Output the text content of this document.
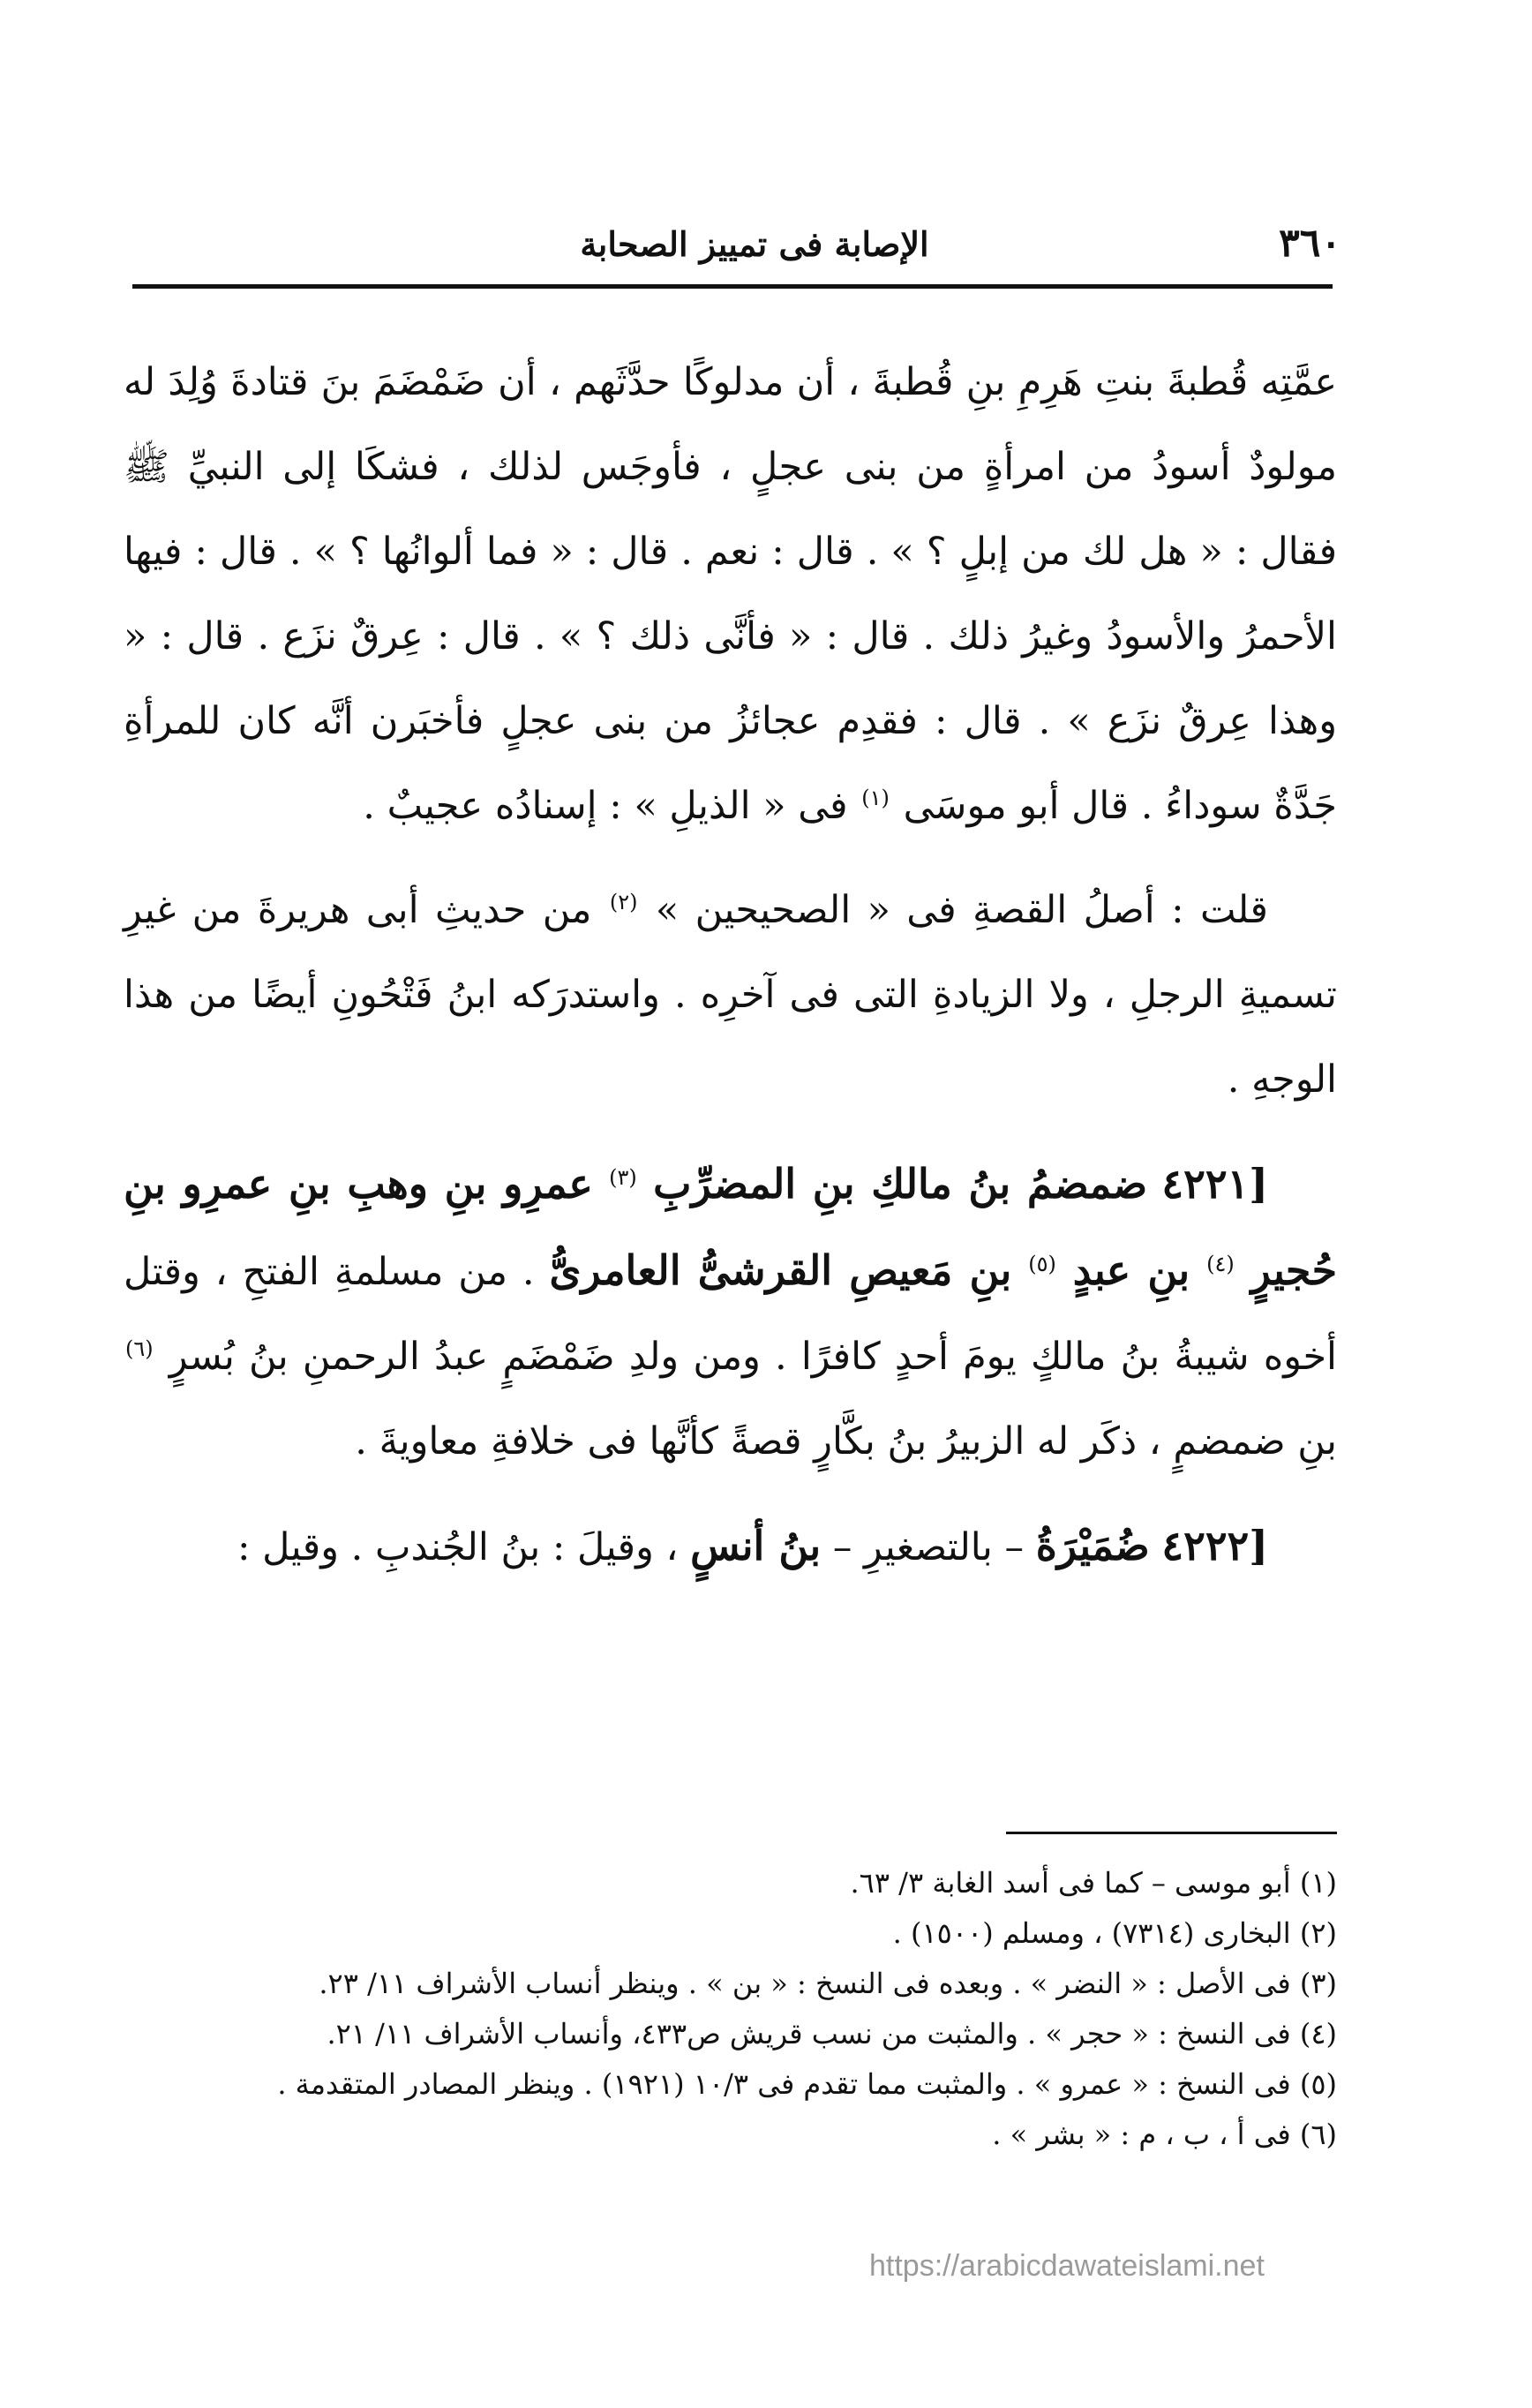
٣٦٠
الإصابة فى تمييز الصحابة

عمَّتِه قُطبةَ بنتِ هَرِمِ بنِ قُطبةَ ، أن مدلوكًا حدَّثَهم ، أن ضَمْضَمَ بنَ قتادةَ وُلِدَ له مولودٌ أسودُ من امرأةٍ من بنى عجلٍ ، فأوجَس لذلك ، فشكَا إلى النبيِّ ﷺ فقال : « هل لك من إبلٍ ؟ » . قال : نعم . قال : « فما ألوانُها ؟ » . قال : فيها الأحمرُ والأسودُ وغيرُ ذلك . قال : « فأنَّى ذلك ؟ » . قال : عِرقٌ نزَع . قال : « وهذا عِرقٌ نزَع » . قال : فقدِم عجائزُ من بنى عجلٍ فأخبَرن أنَّه كان للمرأةِ جَدَّةٌ سوداءُ . قال أبو موسَى $^{(١)}$ فى « الذيلِ » : إسنادُه عجيبٌ .

قلت : أصلُ القصةِ فى « الصحيحين » $^{(٢)}$ من حديثِ أبى هريرةَ من غيرِ تسميةِ الرجلِ ، ولا الزيادةِ التى فى آخرِه . واستدرَكه ابنُ فَتْحُونِ أيضًا من هذا الوجهِ .

[٤٢٢١ ضمضمُ بنُ مالكِ بنِ المضرِّبِ $^{(٣)}$ عمرِو بنِ وهبِ بنِ عمرِو بنِ حُجيرٍ $^{(٤)}$ بنِ عبدٍ $^{(٥)}$ بنِ مَعيصِ القرشىُّ العامرىُّ . من مسلمةِ الفتحِ ، وقتل أخوه شيبةُ بنُ مالكٍ يومَ أحدٍ كافرًا . ومن ولدِ ضَمْضَمٍ عبدُ الرحمنِ بنُ بُسرٍ $^{(٦)}$ بنِ ضمضمٍ ، ذكَر له الزبيرُ بنُ بكَّارٍ قصةً كأنَّها فى خلافةِ معاويةَ .

[٤٢٢٢ ضُمَيْرَةُ – بالتصغيرِ – بنُ أنسٍ ، وقيلَ : بنُ الجُندبِ . وقيل :

(١) أبو موسى – كما فى أسد الغابة ٣/ ٦٣.

(٢) البخارى (٧٣١٤) ، ومسلم (١٥٠٠) .

(٣) فى الأصل : « النضر » . وبعده فى النسخ : « بن » . وينظر أنساب الأشراف ١١/ ٢٣.

(٤) فى النسخ : « حجر » . والمثبت من نسب قريش ص٤٣٣، وأنساب الأشراف ١١/ ٢١.

(٥) فى النسخ : « عمرو » . والمثبت مما تقدم فى ١٠/٣ (١٩٢١) . وينظر المصادر المتقدمة .

(٦) فى أ ، ب ، م : « بشر » .

https://arabicdawateislami.net
